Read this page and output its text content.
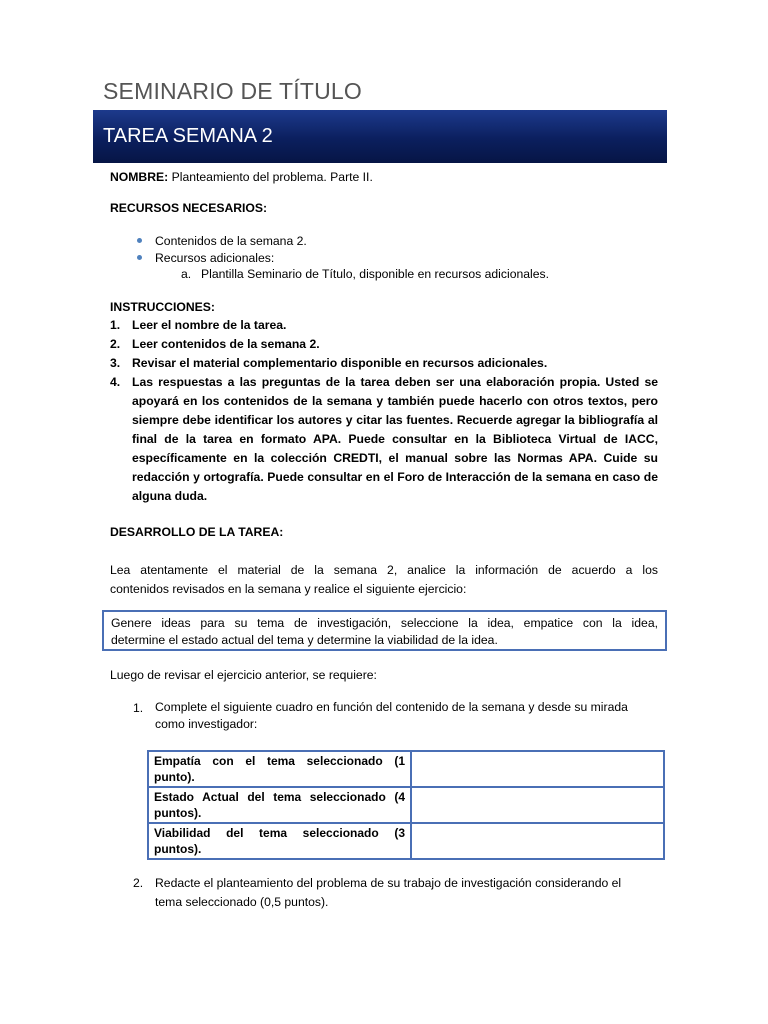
SEMINARIO DE TÍTULO
TAREA SEMANA 2
NOMBRE: Planteamiento del problema. Parte II.
RECURSOS NECESARIOS:
Contenidos de la semana 2.
Recursos adicionales:
a. Plantilla Seminario de Título, disponible en recursos adicionales.
INSTRUCCIONES:
1. Leer el nombre de la tarea.
2. Leer contenidos de la semana 2.
3. Revisar el material complementario disponible en recursos adicionales.
4. Las respuestas a las preguntas de la tarea deben ser una elaboración propia. Usted se
apoyará en los contenidos de la semana y también puede hacerlo con otros textos, pero
siempre debe identificar los autores y citar las fuentes. Recuerde agregar la bibliografía al
final de la tarea en formato APA. Puede consultar en la Biblioteca Virtual de IACC,
específicamente en la colección CREDTI, el manual sobre las Normas APA. Cuide su
redacción y ortografía. Puede consultar en el Foro de Interacción de la semana en caso de
alguna duda.
DESARROLLO DE LA TAREA:
Lea atentamente el material de la semana 2, analice la información de acuerdo a los
contenidos revisados en la semana y realice el siguiente ejercicio:
Genere ideas para su tema de investigación, seleccione la idea, empatice con la idea,
determine el estado actual del tema y determine la viabilidad de la idea.
Luego de revisar el ejercicio anterior, se requiere:
1. Complete el siguiente cuadro en función del contenido de la semana y desde su mirada
como investigador:
Empatía con el tema seleccionado (1
punto).	

Estado Actual del tema seleccionado (4
puntos).	

Viabilidad del tema seleccionado (3
puntos).	

2. Redacte el planteamiento del problema de su trabajo de investigación considerando el
tema seleccionado (0,5 puntos).
